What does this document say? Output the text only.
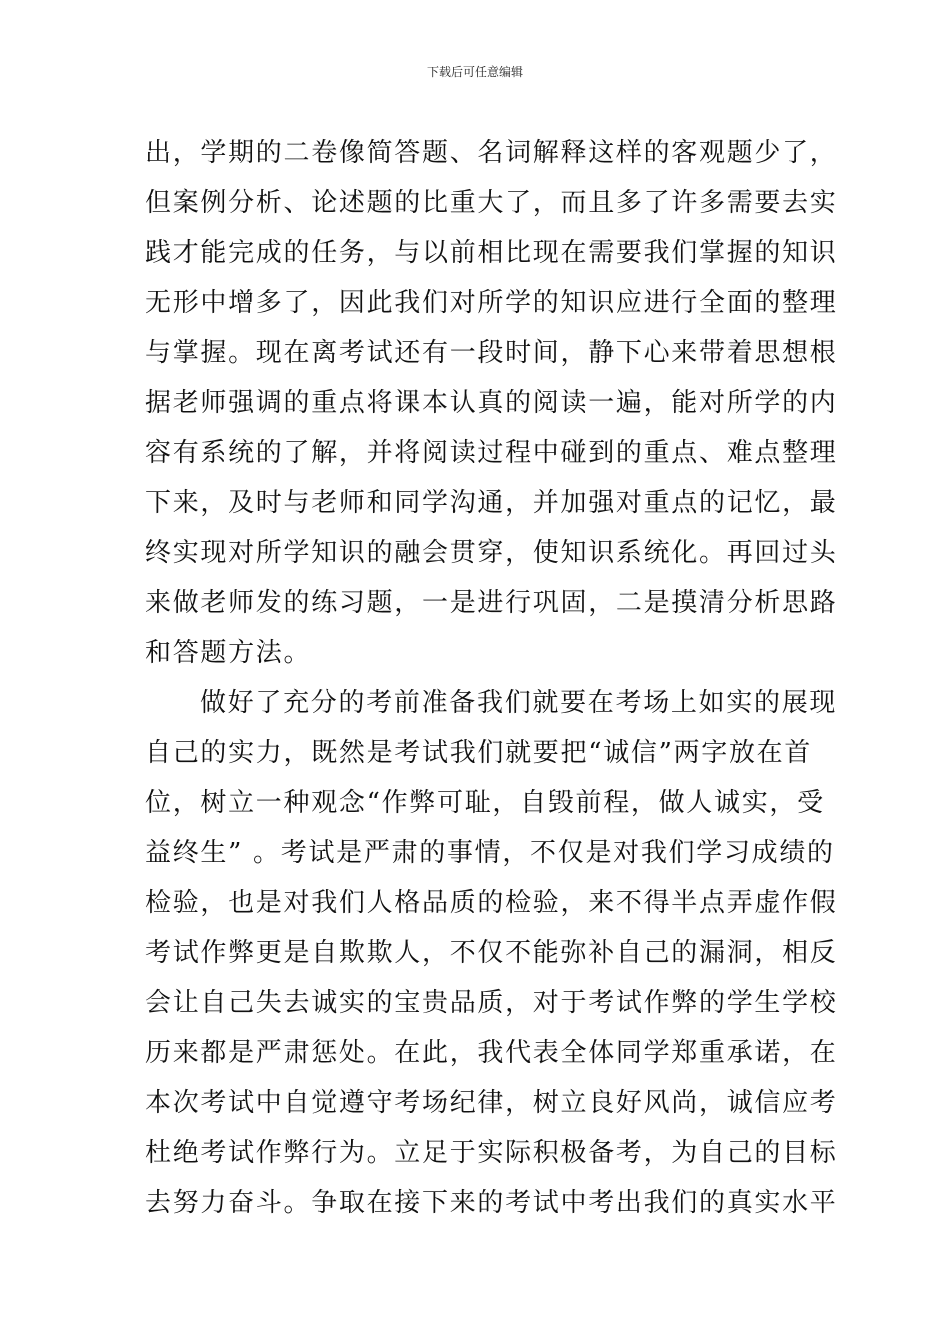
下载后可任意编辑
出，学期的二卷像简答题、名词解释这样的客观题少了，
但案例分析、论述题的比重大了，而且多了许多需要去实
践才能完成的任务，与以前相比现在需要我们掌握的知识
无形中增多了，因此我们对所学的知识应进行全面的整理
与掌握。现在离考试还有一段时间，静下心来带着思想根
据老师强调的重点将课本认真的阅读一遍，能对所学的内
容有系统的了解，并将阅读过程中碰到的重点、难点整理
下来，及时与老师和同学沟通，并加强对重点的记忆，最
终实现对所学知识的融会贯穿，使知识系统化。再回过头
来做老师发的练习题，一是进行巩固，二是摸清分析思路
和答题方法。
做好了充分的考前准备我们就要在考场上如实的展现
自己的实力，既然是考试我们就要把“诚信”两字放在首
位，树立一种观念“作弊可耻，自毁前程，做人诚实，受
益终生” 。考试是严肃的事情，不仅是对我们学习成绩的
检验，也是对我们人格品质的检验，来不得半点弄虚作假
考试作弊更是自欺欺人，不仅不能弥补自己的漏洞，相反
会让自己失去诚实的宝贵品质，对于考试作弊的学生学校
历来都是严肃惩处。在此，我代表全体同学郑重承诺，在
本次考试中自觉遵守考场纪律，树立良好风尚，诚信应考
杜绝考试作弊行为。立足于实际积极备考，为自己的目标
去努力奋斗。争取在接下来的考试中考出我们的真实水平
